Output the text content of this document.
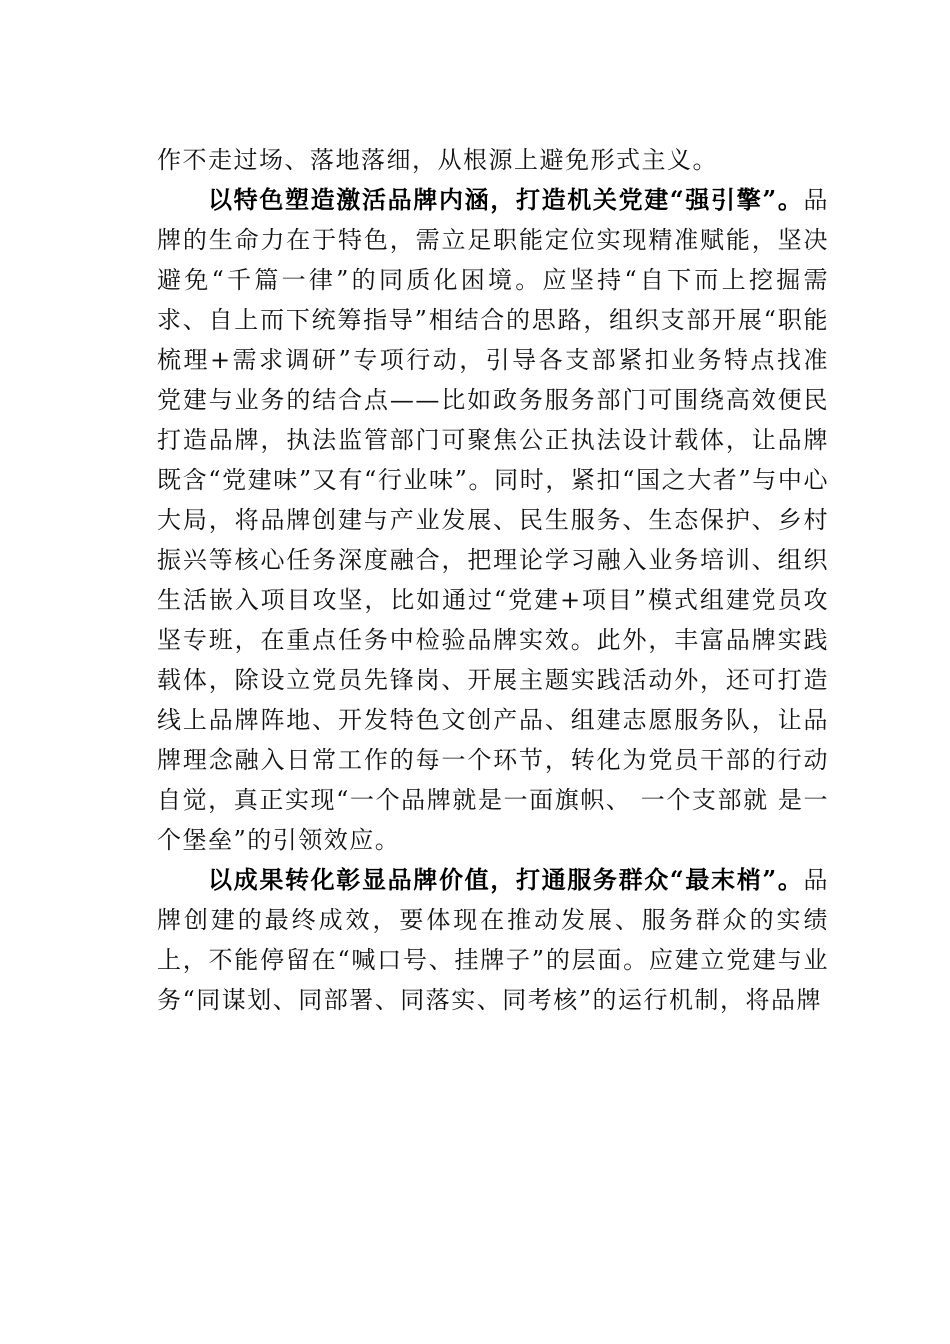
作不走过场、落地落细，从根源上避免形式主义。

以特色塑造激活品牌内涵，打造机关党建“强引擎”。品牌的生命力在于特色，需立足职能定位实现精准赋能，坚决避免“千篇一律”的同质化困境。应坚持“自下而上挖掘需求、自上而下统筹指导”相结合的思路，组织支部开展“职能梳理+需求调研”专项行动，引导各支部紧扣业务特点找准党建与业务的结合点——比如政务服务部门可围绕高效便民打造品牌，执法监管部门可聚焦公正执法设计载体，让品牌既含“党建味”又有“行业味”。同时，紧扣“国之大者”与中心大局，将品牌创建与产业发展、民生服务、生态保护、乡村振兴等核心任务深度融合，把理论学习融入业务培训、组织生活嵌入项目攻坚，比如通过“党建+项目”模式组建党员攻坚专班，在重点任务中检验品牌实效。此外，丰富品牌实践载体，除设立党员先锋岗、开展主题实践活动外，还可打造线上品牌阵地、开发特色文创产品、组建志愿服务队，让品牌理念融入日常工作的每一个环节，转化为党员干部的行动自觉，真正实现“一个品牌就是一面旗帜、 一个支部就 是一个堡垒”的引领效应。

以成果转化彰显品牌价值，打通服务群众“最末梢”。品牌创建的最终成效，要体现在推动发展、服务群众的实绩上，不能停留在“喊口号、挂牌子”的层面。应建立党建与业务“同谋划、同部署、同落实、同考核”的运行机制，将品牌
